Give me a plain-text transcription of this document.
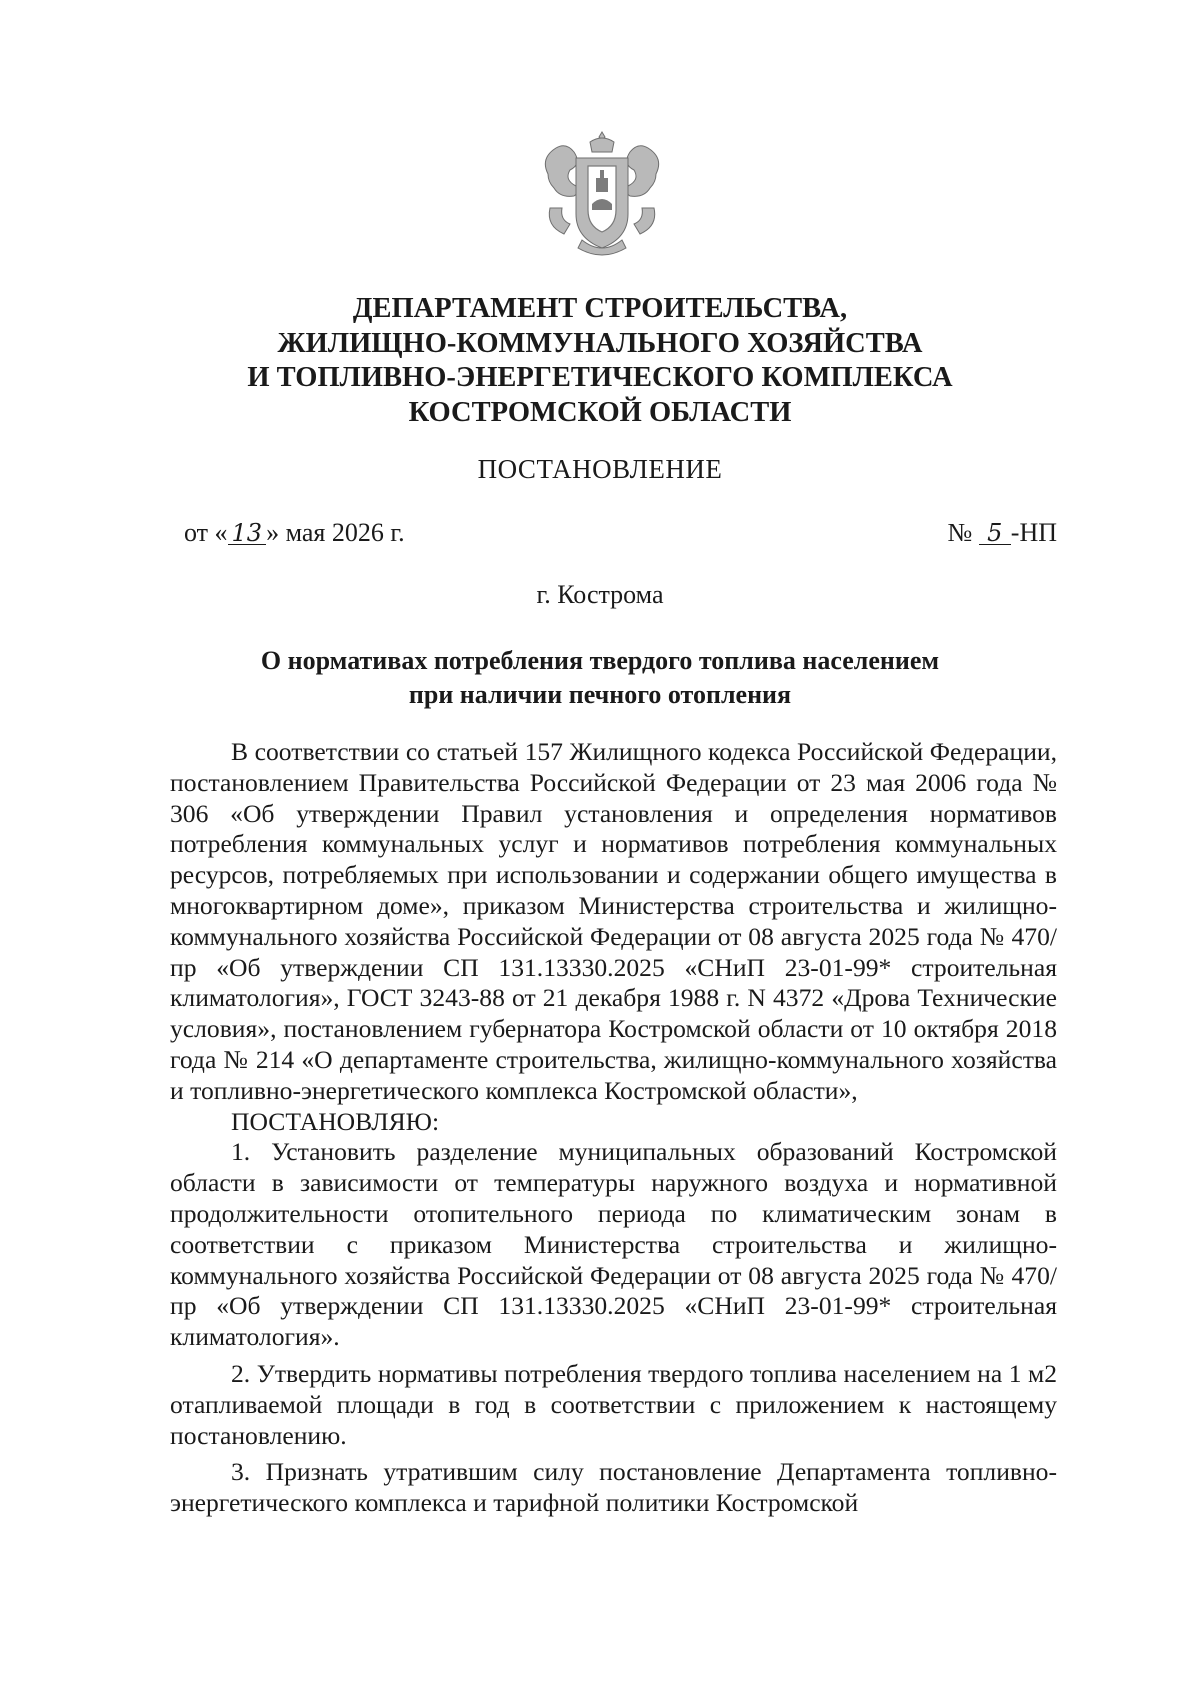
ДЕПАРТАМЕНТ СТРОИТЕЛЬСТВА,
ЖИЛИЩНО-КОММУНАЛЬНОГО ХОЗЯЙСТВА
И ТОПЛИВНО-ЭНЕРГЕТИЧЕСКОГО КОМПЛЕКСА
КОСТРОМСКОЙ ОБЛАСТИ
ПОСТАНОВЛЕНИЕ
от « 13 » мая 2026 г.	№ 5 -НП
г. Кострома
О нормативах потребления твердого топлива населением
при наличии печного отопления

В соответствии со статьей 157 Жилищного кодекса Российской Федерации, постановлением Правительства Российской Федерации от 23 мая 2006 года № 306 «Об утверждении Правил установления и определения нормативов потребления коммунальных услуг и нормативов потребления коммунальных ресурсов, потребляемых при использовании и содержании общего имущества в многоквартирном доме», приказом Министерства строительства и жилищно-коммунального хозяйства Российской Федерации от 08 августа 2025 года № 470/пр «Об утверждении СП 131.13330.2025 «СНиП 23-01-99* строительная климатология», ГОСТ 3243-88 от 21 декабря 1988 г. N 4372 «Дрова Технические условия», постановлением губернатора Костромской области от 10 октября 2018 года № 214 «О департаменте строительства, жилищно-коммунального хозяйства и топливно-энергетического комплекса Костромской области»,

ПОСТАНОВЛЯЮ:

1. Установить разделение муниципальных образований Костромской области в зависимости от температуры наружного воздуха и нормативной продолжительности отопительного периода по климатическим зонам в соответствии с приказом Министерства строительства и жилищно-коммунального хозяйства Российской Федерации от 08 августа 2025 года № 470/пр «Об утверждении СП 131.13330.2025 «СНиП 23-01-99* строительная климатология».

2. Утвердить нормативы потребления твердого топлива населением на 1 м2 отапливаемой площади в год в соответствии с приложением к настоящему постановлению.

3. Признать утратившим силу постановление Департамента топливно-энергетического комплекса и тарифной политики Костромской
